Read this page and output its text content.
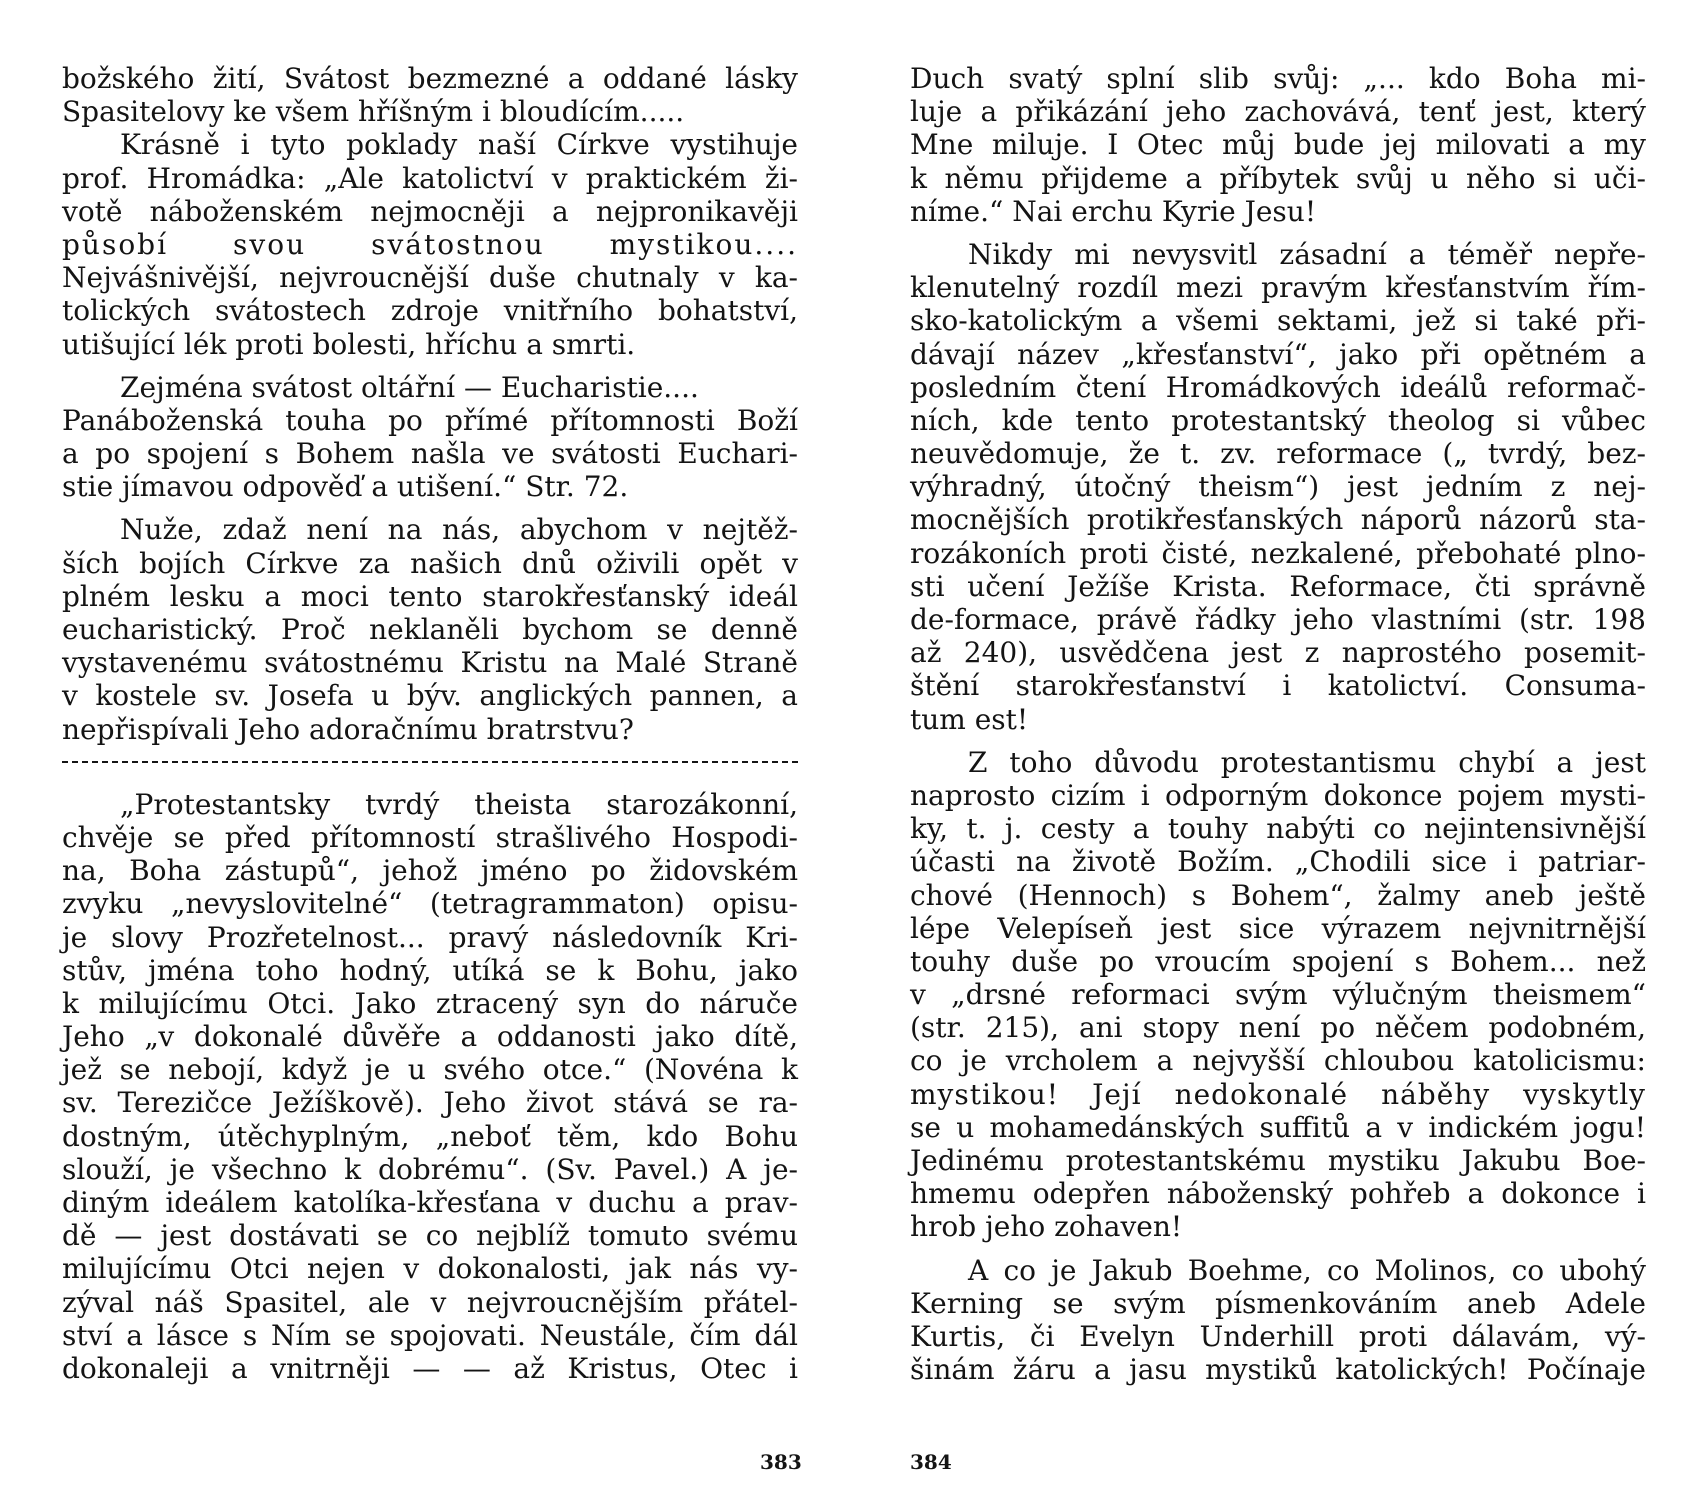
božského žití, Svátost bezmezné a oddané lásky
Spasitelovy ke všem hříšným i bloudícím.....
Krásně i tyto poklady naší Církve vystihuje
prof. Hromádka: „Ale katolictví v praktickém ži-
votě náboženském nejmocněji a nejpronikavěji
působí svou svátostnou mystikou....
Nejvášnivější, nejvroucnější duše chutnaly v ka-
tolických svátostech zdroje vnitřního bohatství,
utišující lék proti bolesti, hříchu a smrti.
Zejména svátost oltářní — Eucharistie....
Panáboženská touha po přímé přítomnosti Boží
a po spojení s Bohem našla ve svátosti Euchari-
stie jímavou odpověď a utišení.“ Str. 72.
Nuže, zdaž není na nás, abychom v nejtěž-
ších bojích Církve za našich dnů oživili opět v
plném lesku a moci tento starokřesťanský ideál
eucharistický. Proč neklaněli bychom se denně
vystavenému svátostnému Kristu na Malé Straně
v kostele sv. Josefa u býv. anglických pannen, a
nepřispívali Jeho adoračnímu bratrstvu?
„Protestantsky tvrdý theista starozákonní,
chvěje se před přítomností strašlivého Hospodi-
na, Boha zástupů“, jehož jméno po židovském
zvyku „nevyslovitelné“ (tetragrammaton) opisu-
je slovy Prozřetelnost... pravý následovník Kri-
stův, jména toho hodný, utíká se k Bohu, jako
k milujícímu Otci. Jako ztracený syn do náruče
Jeho „v dokonalé důvěře a oddanosti jako dítě,
jež se nebojí, když je u svého otce.“ (Novéna k
sv. Terezičce Ježíškově). Jeho život stává se ra-
dostným, útěchyplným, „neboť těm, kdo Bohu
slouží, je všechno k dobrému“. (Sv. Pavel.) A je-
diným ideálem katolíka-křesťana v duchu a prav-
dě — jest dostávati se co nejblíž tomuto svému
milujícímu Otci nejen v dokonalosti, jak nás vy-
zýval náš Spasitel, ale v nejvroucnějším přátel-
ství a lásce s Ním se spojovati. Neustále, čím dál
dokonaleji a vnitrněji — — až Kristus, Otec i
Duch svatý splní slib svůj: „... kdo Boha mi-
luje a přikázání jeho zachovává, tenť jest, který
Mne miluje. I Otec můj bude jej milovati a my
k němu přijdeme a příbytek svůj u něho si uči-
níme.“ Nai erchu Kyrie Jesu!
Nikdy mi nevysvitl zásadní a téměř nepře-
klenutelný rozdíl mezi pravým křesťanstvím řím-
sko-katolickým a všemi sektami, jež si také při-
dávají název „křesťanství“, jako při opětném a
posledním čtení Hromádkových ideálů reformač-
ních, kde tento protestantský theolog si vůbec
neuvědomuje, že t. zv. reformace („ tvrdý, bez-
výhradný, útočný theism“) jest jedním z nej-
mocnějších protikřesťanských náporů názorů sta-
rozákoních proti čisté, nezkalené, přebohaté plno-
sti učení Ježíše Krista. Reformace, čti správně
de-formace, právě řádky jeho vlastními (str. 198
až 240), usvědčena jest z naprostého posemit-
štění starokřesťanství i katolictví. Consuma-
tum est!
Z toho důvodu protestantismu chybí a jest
naprosto cizím i odporným dokonce pojem mysti-
ky, t. j. cesty a touhy nabýti co nejintensivnější
účasti na životě Božím. „Chodili sice i patriar-
chové (Hennoch) s Bohem“, žalmy aneb ještě
lépe Velepíseň jest sice výrazem nejvnitrnější
touhy duše po vroucím spojení s Bohem... než
v „drsné reformaci svým výlučným theismem“
(str. 215), ani stopy není po něčem podobném,
co je vrcholem a nejvyšší chloubou katolicismu:
mystikou! Její nedokonalé náběhy vyskytly
se u mohamedánských suffitů a v indickém jogu!
Jedinému protestantskému mystiku Jakubu Boe-
hmemu odepřen náboženský pohřeb a dokonce i
hrob jeho zohaven!
A co je Jakub Boehme, co Molinos, co ubohý
Kerning se svým písmenkováním aneb Adele
Kurtis, či Evelyn Underhill proti dálavám, vý-
šinám žáru a jasu mystiků katolických! Počínaje
383	384
